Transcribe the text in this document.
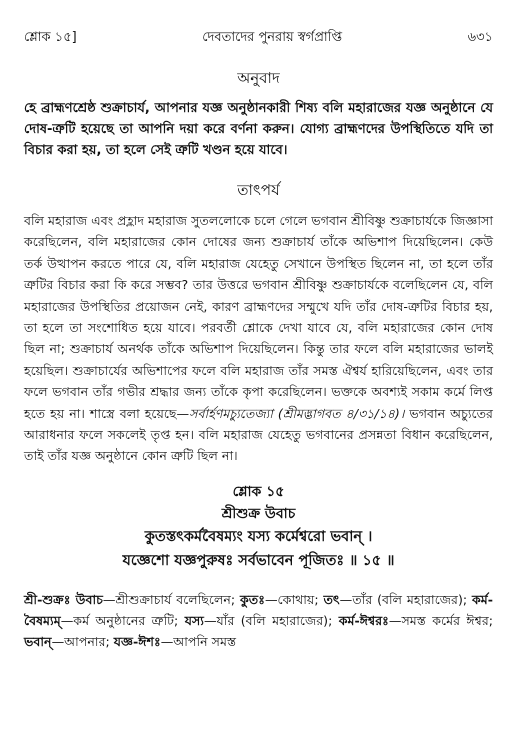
শ্লোক ১৫]	দেবতাদের পুনরায় স্বর্গপ্রাপ্তি	৬৩১
অনুবাদ
হে ব্রাহ্মণশ্রেষ্ঠ শুক্রাচার্য, আপনার যজ্ঞ অনুষ্ঠানকারী শিষ্য বলি মহারাজের যজ্ঞ অনুষ্ঠানে যে দোষ-ত্রুটি হয়েছে তা আপনি দয়া করে বর্ণনা করুন। যোগ্য ব্রাহ্মণদের উপস্থিতিতে যদি তা বিচার করা হয়, তা হলে সেই ত্রুটি খণ্ডন হয়ে যাবে।
তাৎপর্য

বলি মহারাজ এবং প্রহ্লাদ মহারাজ সুতললোকে চলে গেলে ভগবান শ্রীবিষ্ণু শুক্রাচার্যকে জিজ্ঞাসা করেছিলেন, বলি মহারাজের কোন দোষের জন্য শুক্রাচার্য তাঁকে অভিশাপ দিয়েছিলেন। কেউ তর্ক উত্থাপন করতে পারে যে, বলি মহারাজ যেহেতু সেখানে উপস্থিত ছিলেন না, তা হলে তাঁর ত্রুটির বিচার করা কি করে সম্ভব? তার উত্তরে ভগবান শ্রীবিষ্ণু শুক্রাচার্যকে বলেছিলেন যে, বলি মহারাজের উপস্থিতির প্রয়োজন নেই, কারণ ব্রাহ্মণদের সম্মুখে যদি তাঁর দোষ-ত্রুটির বিচার হয়, তা হলে তা সংশোধিত হয়ে যাবে। পরবর্তী শ্লোকে দেখা যাবে যে, বলি মহারাজের কোন দোষ ছিল না; শুক্রাচার্য অনর্থক তাঁকে অভিশাপ দিয়েছিলেন। কিন্তু তার ফলে বলি মহারাজের ভালই হয়েছিল। শুক্রাচার্যের অভিশাপের ফলে বলি মহারাজ তাঁর সমস্ত ঐশ্বর্য হারিয়েছিলেন, এবং তার ফলে ভগবান তাঁর গভীর শ্রদ্ধার জন্য তাঁকে কৃপা করেছিলেন। ভক্তকে অবশ্যই সকাম কর্মে লিপ্ত হতে হয় না। শাস্ত্রে বলা হয়েছে—সর্বার্হণমচ্যুতেজ্যা (শ্রীমদ্ভাগবত ৪/৩১/১৪)। ভগবান অচ্যুতের আরাধনার ফলে সকলেই তৃপ্ত হন। বলি মহারাজ যেহেতু ভগবানের প্রসন্নতা বিধান করেছিলেন, তাই তাঁর যজ্ঞ অনুষ্ঠানে কোন ত্রুটি ছিল না।

শ্লোক ১৫
শ্রীশুক্র উবাচ
কুতস্তৎকর্মবৈষম্যং যস্য কর্মেশ্বরো ভবান্ ।
যজ্ঞেশো যজ্ঞপুরুষঃ সর্বভাবেন পূজিতঃ ॥ ১৫ ॥
শ্রী-শুক্রঃ উবাচ—শ্রীশুক্রাচার্য বলেছিলেন; কুতঃ—কোথায়; তৎ—তাঁর (বলি মহারাজের); কর্ম-বৈষম্যম্—কর্ম অনুষ্ঠানের ত্রুটি; যস্য—যাঁর (বলি মহারাজের); কর্ম-ঈশ্বরঃ—সমস্ত কর্মের ঈশ্বর; ভবান্—আপনার; যজ্ঞ-ঈশঃ—আপনি সমস্ত
